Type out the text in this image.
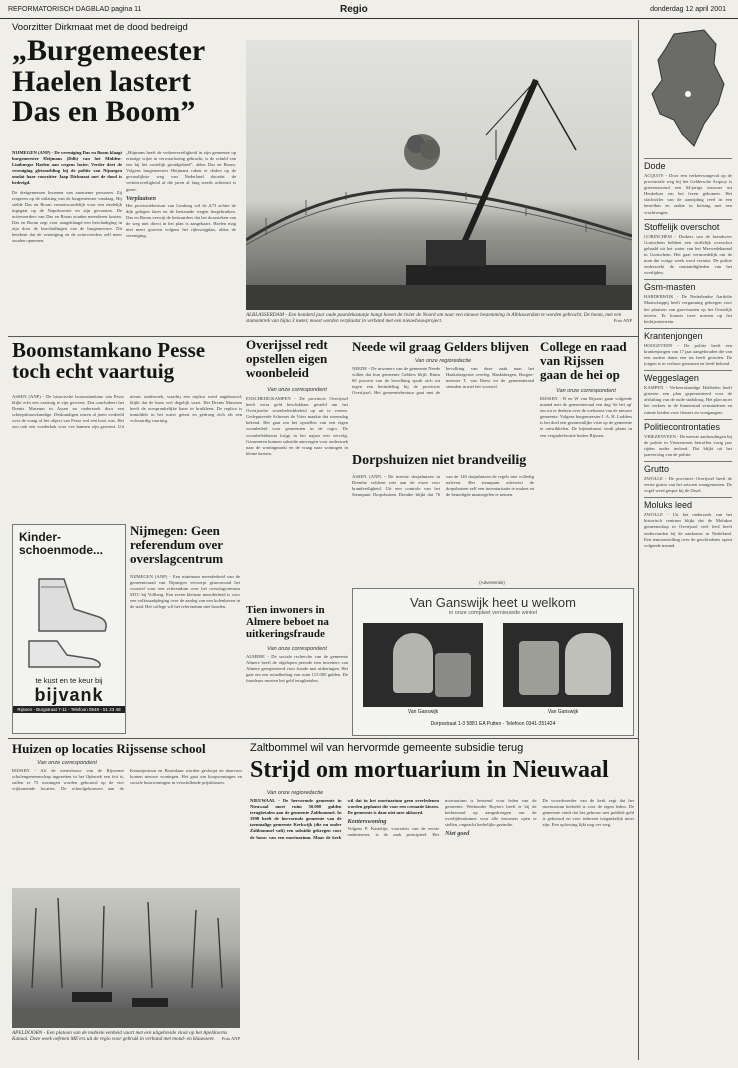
REFORMATORISCH DAGBLAD pagina 11	Regio	donderdag 12 april 2001
Voorzitter Dirkmaat met de dood bedreigd
„Burgemeester Haelen lastert Das en Boom”
NIJMEGEN (ANP) - De vereniging Das en Boom klaagt burgemeester Heijmans (Ddb) van het Midden-Limburgse Haelen aan wegens laster. Verder doet de vereniging gletsmelding bij de politie van Nijmegen omdat haar voorzitter Jaap Dirkmaat met de dood is bedreigd.

De dreigementen kwamen van anonieme personen. Zij reageren op de uitlating van de burgemeester vandaag. Hij stelde Das en Boom verantwoordelijk voor een eindelijk ingegaat op de Napokwestie en zijn gevaarten. De actievoerders van Das en Boom zouden meerderen kosten. Das en Boom zegt voor aangeklaagd een beschadiging in zijn door de buschaffingen van de burgemeester. Dit betekent dat de vereniging en de actievoerders zelf meer zouden opnemen.

„Hiijmans heeft de verkeersveiligheid in zijn gemeente op ernstige wijze in verwaarlozing gebracht, is de schuld van een bij het oostelijk grondgebied”, aldus Das en Boom. Volgens burgemeester Heijmans raken er doden op de gevaarlijkste weg van Nederland doordat de verkeersveiligheid al die jaren al lang steeds achteruit is gezet.

Verplaatsen

Het provinciebestuur van Limburg wil de A73 achter de dijk gelegen laten en de bestaande wegen hergebruiken. Das en Boom verwijt de bestuurders dat het doorsteken van de weg niet direct in het plan is aangekaart. Haelen mag niet meer groeien volgens het rijkswegplan, aldus de vereniging.

ALBLASSERDAM - Een honderd jaar oude paardekastanje hangt boven de rivier de Noord om naar een nieuwe bestemming in Alblasserdam te worden gebracht. De boom, met een stamomtrek van bijna 3 meter, moest worden verplaatst in verband met een nieuwbouwproject.	Foto ANP
Boomstamkano Pesse toch echt vaartuig
ASSEN (ANP) - De historische boomstamkano van Pesse blijkt echt een vaartuig te zijn geweest. Dat concludeert het Drents Museum in Assen na onderzoek door een scheepsbouwkundige. Deskundigen waren al jaren verdeeld over de vraag of het object van Pesse wel een boot was. Het zou ook een voederbak voor vee kunnen zijn geweest. Uit nieuw onderzoek, waarbij een replica werd nagebouwd, blijkt dat de kano wel degelijk vaart. Het Drents Museum heeft de oorspronkelijke kano in bruikleen. De replica is inmiddels in het water getest en gedroeg zich als een volwaardig vaartuig.
Kinder-schoenmode...
te kust en te keur bij
bijvank
Rijssen - Burgstraat 7-11 - Telefoon 0548 - 51 23 48
Overijssel redt opstellen eigen woonbeleid
Van onze correspondent
ENSCHEDE/KAMPEN - De provincie Overijssel heeft extra geld beschikbaar gesteld om het Overijsselse woonbeleidsbeleid op uit te voeren. Gedeputeerde Schreurs de Vries maakte dat woensdag bekend. Het gaat om het opstellen van een eigen woonbeleid voor gemeenten in de regio. De woonbeleidsnota krijgt in het najaar een vervolg. Gemeenten kunnen subsidie aanvragen voor onderzoek naar de woningmarkt en de vraag naar woningen in kleine kernen.
Nijmegen: Geen referendum over overslagcentrum
NIJMEGEN (ANP) - Een minimum meerderheid van de gemeenteraad van Nijmegen verwerpt gisteravond het voorstel voor een referendum over het overslagcentrum MTC bij Vollberg. Een zeven kleinste meerderheid is voor een volksraadpleging over de aanleg van een kolenhaven in de stad. Het college wil het referendum niet houden.	Tien inwoners in Almere beboet na uitkeringsfraude
Van onze correspondent
ALMERE - De sociale recherche van de gemeente Almere heeft de afgelopen periode tien inwoners van Almere geregistreerd voor fraude met uitkeringen. Het gaat om een totaalbedrag van ruim 115.000 gulden. De fraudeurs moeten het geld terugbetalen.
Neede wil graag Gelders blijven
Van onze regioredactie
NEEDE - De inwoners van de gemeente Neede willen dat hun gemeente Gelders blijft. Ruim 60 procent van de bevolking sprak zich uit tegen een herindeling bij de provincie Overijssel. Het gemeentebestuur gaat met de bevolking van deze zaak naar het Haaksbergense overleg. Haaksbergen, Borgen-meester T. van Beest en de gemeenteraad stemden in met het voorstel.
Dorpshuizen niet brandveilig
ASSEN (ANP) - De meeste dorpshuizen in Drenthe voldoen niet aan de eisen voor brandveiligheid. Uit een controle van het Steunpunt Dorpshuizen Drenthe blijkt dat 76 van de 140 dorpshuizen de regels niet volledig naleven. Het steunpunt adviseert de dorpshuizen zelf een inventarisatie te maken en de benodigde maatregelen te nemen.
College en raad van Rijssen gaan de hei op
Van onze correspondent
RIJSSEN - B en W van Rijssen gaan volgende maand met de gemeenteraad een dag 'de hei op' om tot te denken over de toekomst van de nieuwe gemeente. Volgens burgemeester J. A. H. Lodders is het doel een gezamenlijke visie op de gemeente te ontwikkelen. De bijeenkomst vindt plaats in een vergaderlocatie buiten Rijssen.
(Advertentie)
Van Ganswijk heet u welkom
in onze compleet vernieuwde winkel
Van Ganswijk	Van Ganswijk
Dorpsstraat 1-3 5881 EA Putten - Telefoon 0341-351424
Huizen op locaties Rijssense school
Van onze correspondent
RIJSSEN - Als de nieuwbouw van de Rijssense scholengemeenschap ingezetten in het Opbroek een feit is, zullen er 75 woningen worden gebouwd op de vier vrijkomende locaties. De schoolgebouwen aan de Kastanjestraat en Boomlaan worden gesloopt en daarvoor komen nieuwe woningen. Het gaat om koopwoningen en sociale huurwoningen in verschillende prijsklassen.
APELDOORN - Een platoon van de mobiele eenheid vaart met een uitgebreide vloot op het Apeldoorns Kanaal. Deze week oefenen ME'ers uit de regio voor gebruik in verband met mond- en klauwzeer. Foto ANP
Zaltbommel wil van hervormde gemeente subsidie terug
Strijd om mortuarium in Nieuwaal
Van onze regioredactie
NIEUWAAL - De hervormde gemeente in Nieuwaal moet ruim 50.000 gulden terugbetalen aan de gemeente Zaltbommel. In 1998 heeft de hervormde gemeente van de toenmalige gemeente Kerkwijk (die nu onder Zaltbommel valt) een subsidie gekregen voor de bouw van een mortuarium. Maar de kerk wil dat in het mortuarium geen overledenen worden geplaatst die voor een crematie kiezen. De gemeente is daar niet mee akkoord.
Konterswoning

Volgens P. Kastelijn, voorzitter van de eerste ondernemer, is de zaak principieel. Het mortuarium is bestemd voor leden van de gemeente. Wethouder Ruyters heeft er bij de kerkenraad op aangedrongen om de overlijdenskamer voor alle inwoners open te stellen, ongeacht kerkelijke gezindte.

Niet goed

De woordvoerder van de kerk zegt dat het mortuarium bedoeld is voor de eigen leden. De gemeente vindt dat het gebouw met publiek geld is gebouwd en voor iedereen toegankelijk moet zijn. Een oplossing lijkt nog ver weg.

Dode
ACQUOY - Door een verkeersongeval op de provinciale weg bij het Geldersche Acquoy is gisterenavond een 64-jarige inwoner uit Heukelum om het leven gekomen. Het slachtoffer van de aanrijding reed in een bestelbus en raakte in botsing met een vrachtwagen.
Stoffelijk overschot
GORINCHEM - Duikers van de brandweer Gorinchem hebben een stoffelijk overschot gehaald uit het water van het Merwedekanaal in Gorinchem. Het gaat vermoedelijk om de man die vorige week werd vermist. De politie onderzoekt de omstandigheden van het overlijden.
Gsm-masten
HARDERWIJK - De Nederlandse Aardolie Maatschappij heeft vergunning gekregen voor het plaatsen van gsm-masten op het Oostelijk terrein. Er komen twee masten op het bedrijventerrein.
Krantenjongen
HOOGEVEEN - De politie heeft een krantenjongen van 17 jaar aangehouden die van een oudere dame een tas heeft gestolen. De jongen is in verhoor genomen en heeft bekend.
Weggeslagen
KAMPEN - Verkeerskundige Hobbelen heeft gisteren een plan gepresenteerd voor de afsluiting van de oude stadsbrug. Het plan moet het verkeer in de binnenstad verminderen en ruimte bieden voor fietsers en voetgangers.
Politiecontrontaties
VRIEZENVEEN - De meeste aanhoudingen bij de politie in Vriezenveen betroffen vorig jaar rijden onder invloed. Dat blijkt uit het jaarverslag van de politie.
Grutto
ZWOLLE - De provincie Overijssel heeft de eerste grutto van het seizoen waargenomen. De vogel werd gespot bij de IJssel.
Moluks leed
ZWOLLE - Uit het onderzoek van het historisch centrum blijkt dat de Molukse gemeenschap in Overijssel veel leed heeft ondervonden bij de aankomst in Nederland. Een tentoonstelling over de geschiedenis opent volgende maand.
